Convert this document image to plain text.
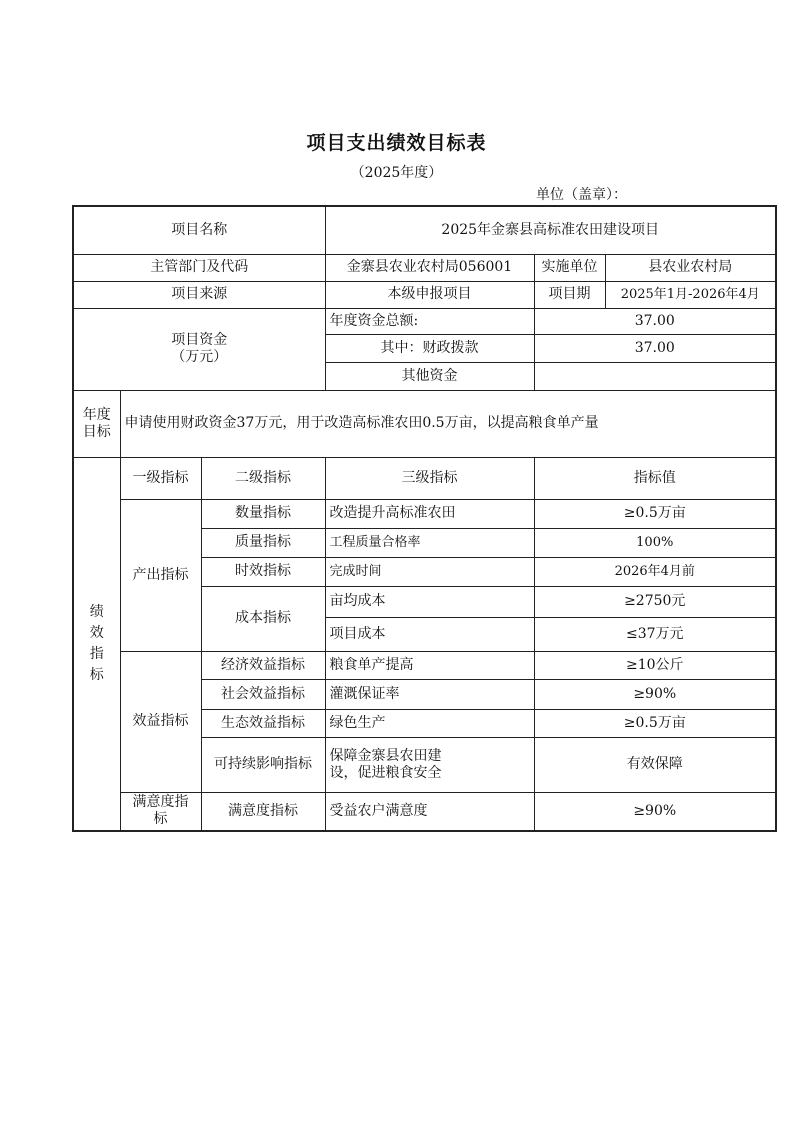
项目支出绩效目标表
（2025年度）
单位（盖章）：
项目名称			2025年金寨县高标准农田建设项目		
主管部门及代码			金寨县农业农村局056001	实施单位	县农业农村局
项目来源			本级申报项目	项目期	2025年1月-2026年4月

项目资金
（万元）			年度资金总额:	37.00	
			其中：财政拨款	37.00	
			其他资金		

年度
目标	申请使用财政资金37万元，用于改造高标准农田0.5万亩，以提高粮食单产量				

绩
效
指
标	一级指标	二级指标	三级指标	指标值	
	产出指标	数量指标	改造提升高标准农田	≥0.5万亩	
		质量指标	工程质量合格率	100%	
		时效指标	完成时间	2026年4月前	
		成本指标	亩均成本	≥2750元	
			项目成本	≤37万元	
	效益指标	经济效益指标	粮食单产提高	≥10公斤	
		社会效益指标	灌溉保证率	≥90%	
		生态效益指标	绿色生产	≥0.5万亩	
		可持续影响指标	保障金寨县农田建
设，促进粮食安全	有效保障	

	满意度指
标	满意度指标	受益农户满意度	≥90%	
